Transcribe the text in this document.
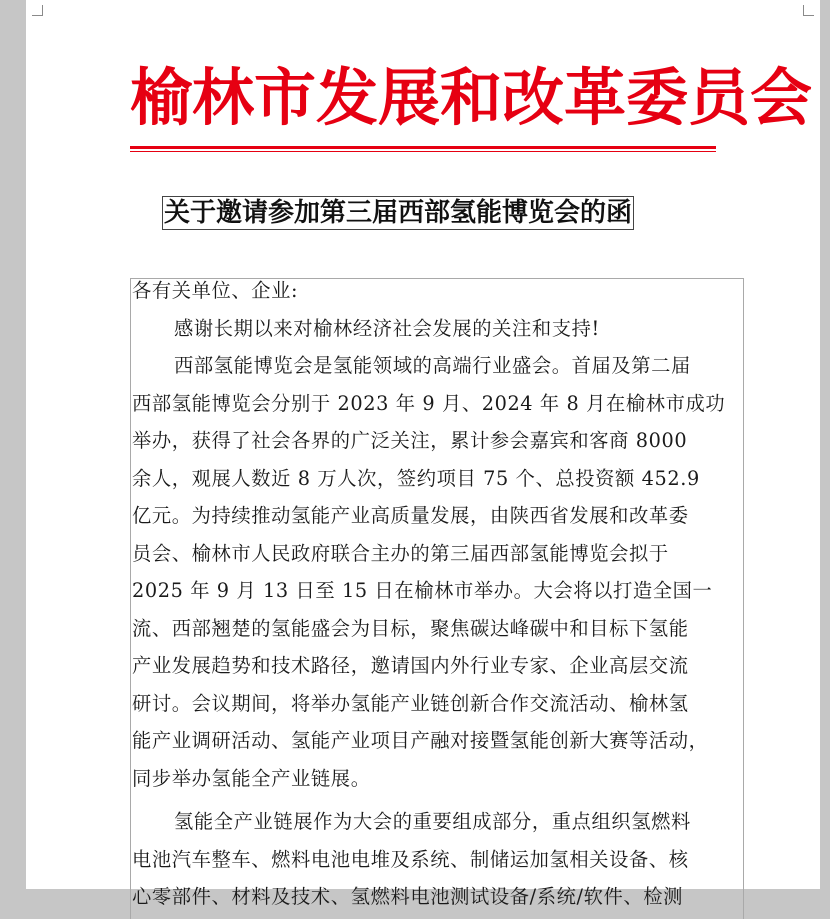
榆林市发展和改革委员会
关于邀请参加第三届西部氢能博览会的函
各有关单位、企业:
感谢长期以来对榆林经济社会发展的关注和支持!
西部氢能博览会是氢能领域的高端行业盛会。首届及第二届
西部氢能博览会分别于 2023 年 9 月、2024 年 8 月在榆林市成功
举办，获得了社会各界的广泛关注，累计参会嘉宾和客商 8000
余人，观展人数近 8 万人次，签约项目 75 个、总投资额 452.9
亿元。为持续推动氢能产业高质量发展，由陕西省发展和改革委
员会、榆林市人民政府联合主办的第三届西部氢能博览会拟于
2025 年 9 月 13 日至 15 日在榆林市举办。大会将以打造全国一
流、西部翘楚的氢能盛会为目标，聚焦碳达峰碳中和目标下氢能
产业发展趋势和技术路径，邀请国内外行业专家、企业高层交流
研讨。会议期间，将举办氢能产业链创新合作交流活动、榆林氢
能产业调研活动、氢能产业项目产融对接暨氢能创新大赛等活动，
同步举办氢能全产业链展。
氢能全产业链展作为大会的重要组成部分，重点组织氢燃料
电池汽车整车、燃料电池电堆及系统、制储运加氢相关设备、核
心零部件、材料及技术、氢燃料电池测试设备/系统/软件、检测
